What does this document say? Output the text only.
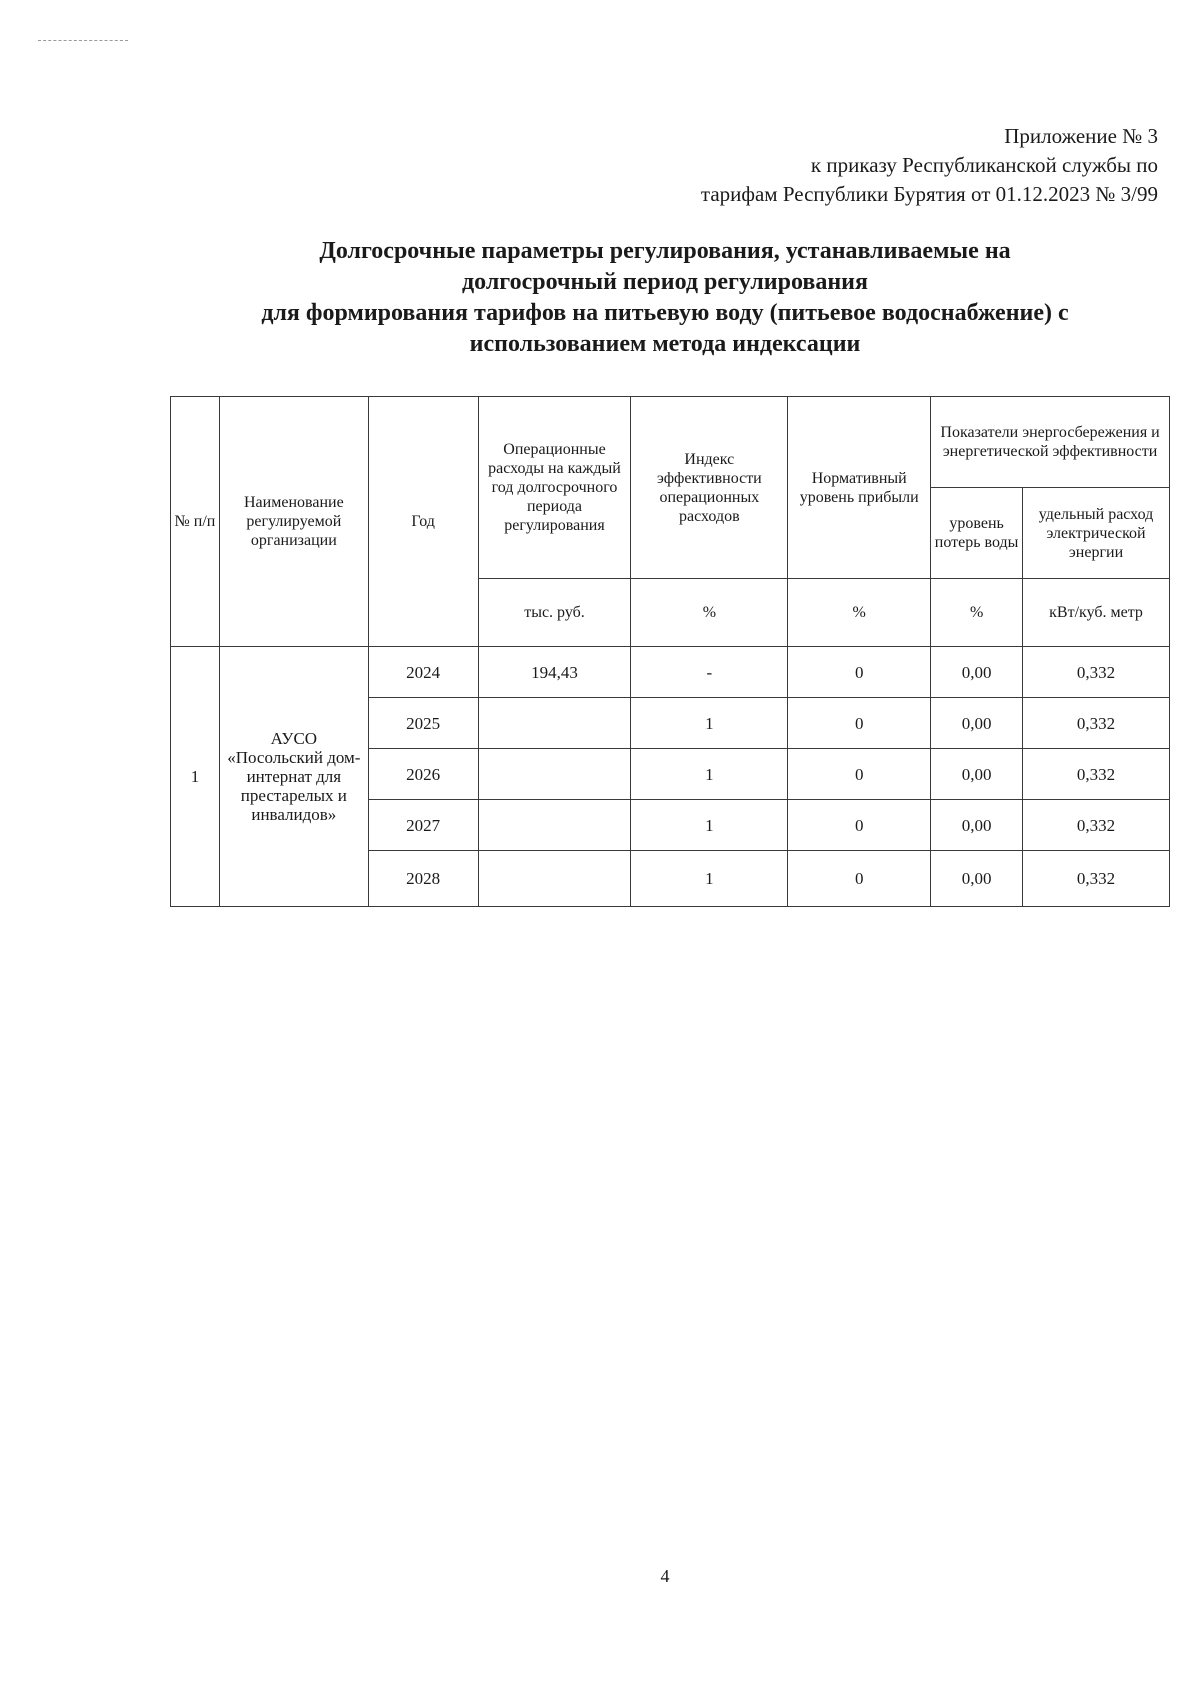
Приложение № 3
к приказу Республиканской службы по
тарифам Республики Бурятия от 01.12.2023 № 3/99
Долгосрочные параметры регулирования, устанавливаемые на
долгосрочный период регулирования
для формирования тарифов на питьевую воду (питьевое водоснабжение) с
использованием метода индексации
№ п/п	Наименование регулируемой организации	Год	Операционные расходы на каждый год долгосрочного периода регулирования	Индекс эффективности операционных расходов	Нормативный уровень прибыли	Показатели энергосбережения и энергетической эффективности	
						уровень потерь воды	удельный расход электрической энергии
			тыс. руб.	%	%	%	кВт/куб. метр
1	АУСО «Посольский дом-интернат для престарелых и инвалидов»	2024	194,43	-	0	0,00	0,332
		2025		1	0	0,00	0,332
		2026		1	0	0,00	0,332
		2027		1	0	0,00	0,332
		2028		1	0	0,00	0,332
4
